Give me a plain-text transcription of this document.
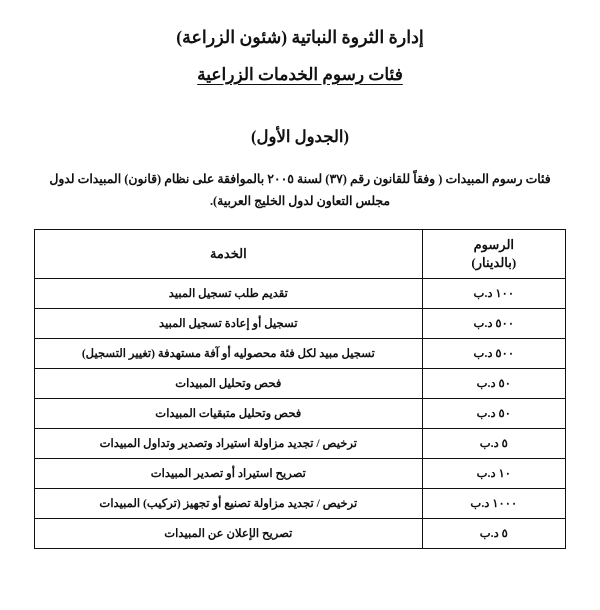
إدارة الثروة النباتية (شئون الزراعة)
فئات رسوم الخدمات الزراعية
(الجدول الأول)

فئات رسوم المبيدات ( وفقاً للقانون رقم (٣٧) لسنة ٢٠٠٥ بالموافقة على نظام (قانون) المبيدات لدول مجلس التعاون لدول الخليج العربية).

الرسوم
(بالدينار)	الخدمة
١٠٠ د.ب	تقديم طلب تسجيل المبيد
٥٠٠ د.ب	تسجيل أو إعادة تسجيل المبيد
٥٠٠ د.ب	تسجيل مبيد لكل فئة محصوليه أو آفة مستهدفة (تغيير التسجيل)
٥٠ د.ب	فحص وتحليل المبيدات
٥٠ د.ب	فحص وتحليل متبقيات المبيدات
٥ د.ب	ترخيص / تجديد مزاولة استيراد وتصدير وتداول المبيدات
١٠ د.ب	تصريح استيراد أو تصدير المبيدات
١٠٠٠ د.ب	ترخيص / تجديد مزاولة تصنيع أو تجهيز (تركيب) المبيدات
٥ د.ب	تصريح الإعلان عن المبيدات
